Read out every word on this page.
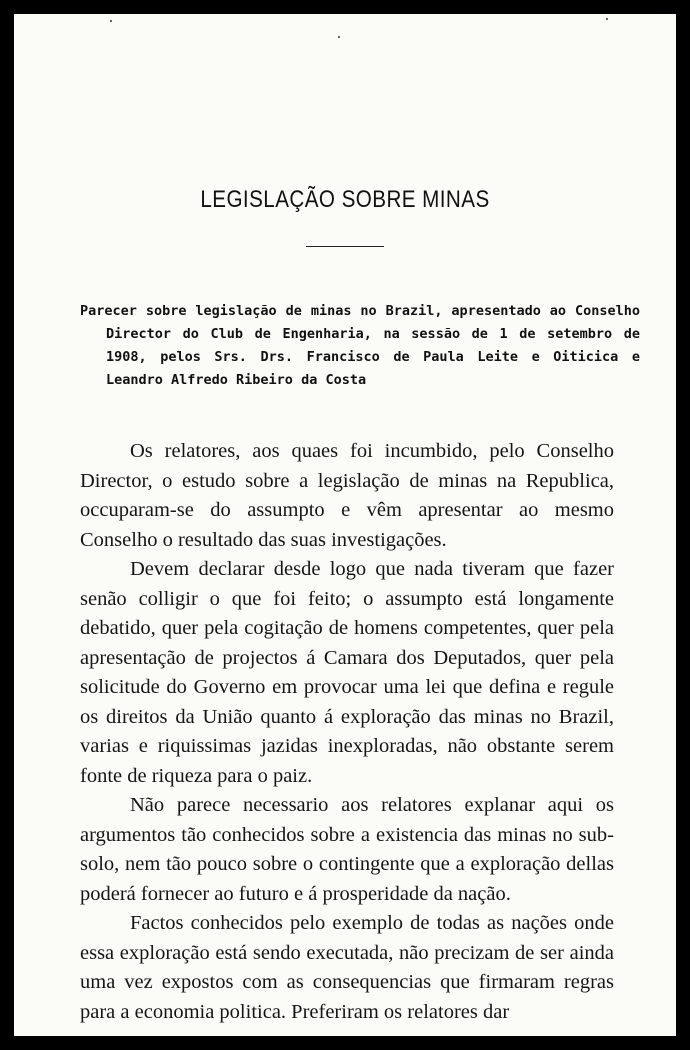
LEGISLAÇÃO SOBRE MINAS
Parecer sobre legislação de minas no Brazil, apresentado ao Conselho Director do Club de Engenharia, na sessão de 1 de setembro de 1908, pelos Srs. Drs. Francisco de Paula Leite e Oiticica e Leandro Alfredo Ribeiro da Costa

Os relatores, aos quaes foi incumbido, pelo Conselho Director, o estudo sobre a legislação de minas na Republica, occuparam-se do assumpto e vêm apresentar ao mesmo Conselho o resultado das suas investigações.

Devem declarar desde logo que nada tiveram que fazer senão colligir o que foi feito; o assumpto está longamente debatido, quer pela cogitação de homens competentes, quer pela apresentação de projectos á Camara dos Deputados, quer pela solicitude do Governo em provocar uma lei que defina e regule os direitos da União quanto á exploração das minas no Brazil, varias e riquissimas jazidas inexploradas, não obstante serem fonte de riqueza para o paiz.

Não parece necessario aos relatores explanar aqui os argumentos tão conhecidos sobre a existencia das minas no sub-solo, nem tão pouco sobre o contingente que a exploração dellas poderá fornecer ao futuro e á prosperidade da nação.

Factos conhecidos pelo exemplo de todas as nações onde essa exploração está sendo executada, não precizam de ser ainda uma vez expostos com as consequencias que firmaram regras para a economia politica. Preferiram os relatores dar
